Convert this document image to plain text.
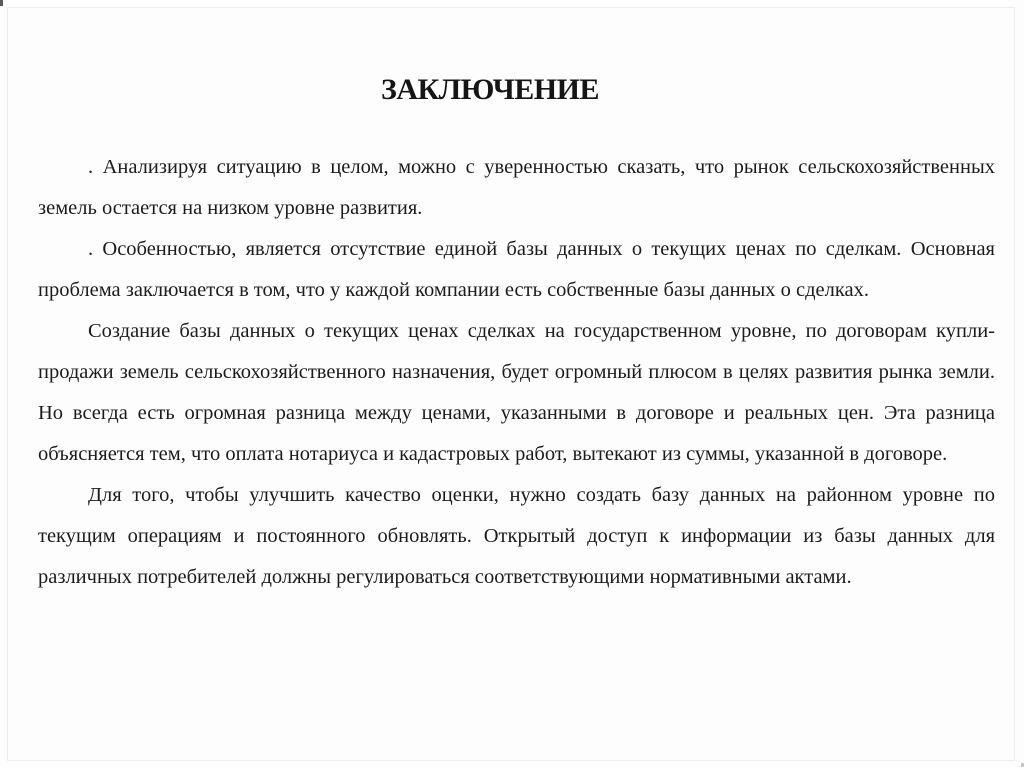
ЗАКЛЮЧЕНИЕ

. Анализируя ситуацию в целом, можно с уверенностью сказать, что рынок сельскохозяйственных земель остается на низком уровне развития.

. Особенностью, является отсутствие единой базы данных о текущих ценах по сделкам. Основная проблема заключается в том, что у каждой компании есть собственные базы данных о сделках.

Создание базы данных о текущих ценах сделках на государственном уровне, по договорам купли-продажи земель сельскохозяйственного назначения, будет огромный плюсом в целях развития рынка земли. Но всегда есть огромная разница между ценами, указанными в договоре и реальных цен. Эта разница объясняется тем, что оплата нотариуса и кадастровых работ, вытекают из суммы, указанной в договоре.

Для того, чтобы улучшить качество оценки, нужно создать базу данных на районном уровне по текущим операциям и постоянного обновлять. Открытый доступ к информации из базы данных для различных потребителей должны регулироваться соответствующими нормативными актами.
